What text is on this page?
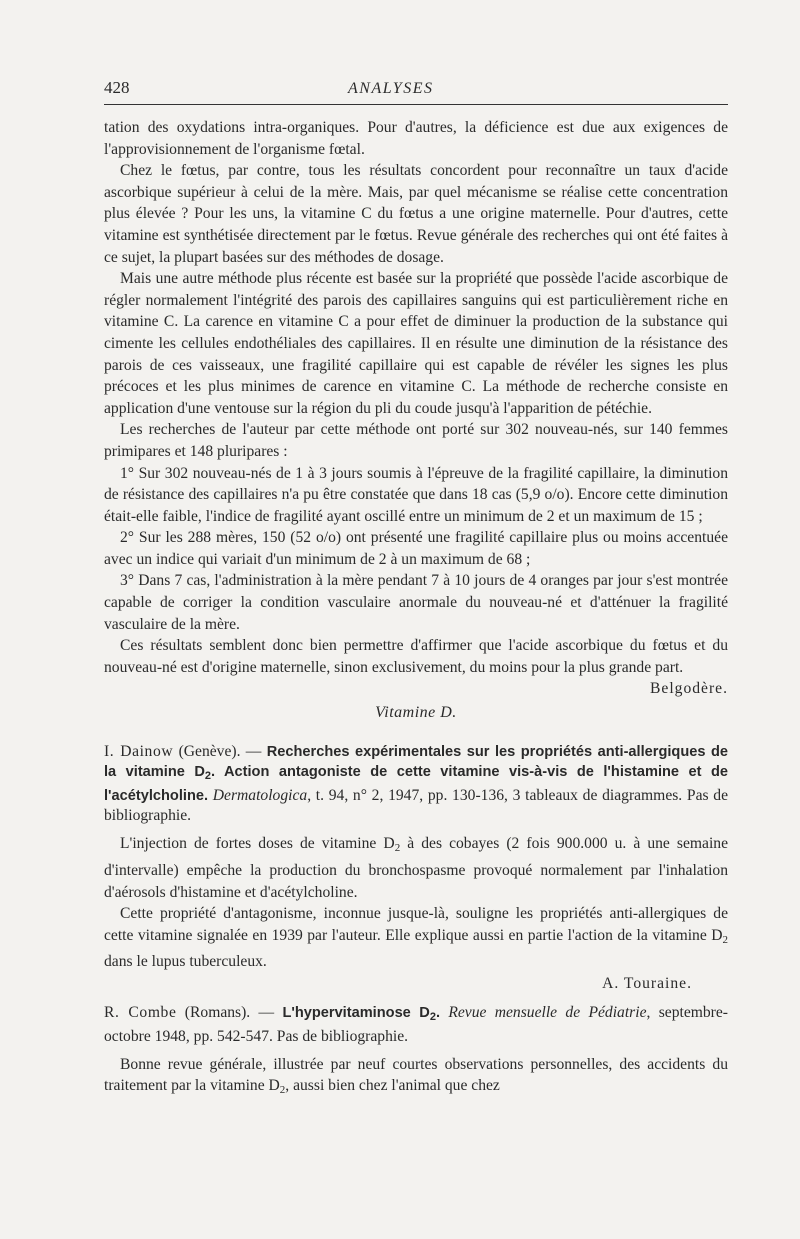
428	ANALYSES

tation des oxydations intra-organiques. Pour d'autres, la déficience est due aux exigences de l'approvisionnement de l'organisme fœtal.

Chez le fœtus, par contre, tous les résultats concordent pour reconnaître un taux d'acide ascorbique supérieur à celui de la mère. Mais, par quel mécanisme se réalise cette concentration plus élevée ? Pour les uns, la vitamine C du fœtus a une origine maternelle. Pour d'autres, cette vitamine est synthétisée directement par le fœtus. Revue générale des recherches qui ont été faites à ce sujet, la plupart basées sur des méthodes de dosage.

Mais une autre méthode plus récente est basée sur la propriété que possède l'acide ascorbique de régler normalement l'intégrité des parois des capillaires sanguins qui est particulièrement riche en vitamine C. La carence en vitamine C a pour effet de diminuer la production de la substance qui cimente les cellules endothéliales des capillaires. Il en résulte une diminution de la résistance des parois de ces vaisseaux, une fragilité capillaire qui est capable de révéler les signes les plus précoces et les plus minimes de carence en vitamine C. La méthode de recherche consiste en application d'une ventouse sur la région du pli du coude jusqu'à l'apparition de pétéchie.

Les recherches de l'auteur par cette méthode ont porté sur 302 nouveau-nés, sur 140 femmes primipares et 148 pluripares :

1° Sur 302 nouveau-nés de 1 à 3 jours soumis à l'épreuve de la fragilité capillaire, la diminution de résistance des capillaires n'a pu être constatée que dans 18 cas (5,9 o/o). Encore cette diminution était-elle faible, l'indice de fragilité ayant oscillé entre un minimum de 2 et un maximum de 15 ;

2° Sur les 288 mères, 150 (52 o/o) ont présenté une fragilité capillaire plus ou moins accentuée avec un indice qui variait d'un minimum de 2 à un maximum de 68 ;

3° Dans 7 cas, l'administration à la mère pendant 7 à 10 jours de 4 oranges par jour s'est montrée capable de corriger la condition vasculaire anormale du nouveau-né et d'atténuer la fragilité vasculaire de la mère.

Ces résultats semblent donc bien permettre d'affirmer que l'acide ascorbique du fœtus et du nouveau-né est d'origine maternelle, sinon exclusivement, du moins pour la plus grande part.
Belgodère.

Vitamine D.

I. Dainow (Genève). — Recherches expérimentales sur les propriétés anti-allergiques de la vitamine $D_2$. Action antagoniste de cette vitamine vis-à-vis de l'histamine et de l'acétylcholine. Dermatologica, t. 94, n° 2, 1947, pp. 130-136, 3 tableaux de diagrammes. Pas de bibliographie.

L'injection de fortes doses de vitamine $D_2$ à des cobayes (2 fois 900.000 u. à une semaine d'intervalle) empêche la production du bronchospasme provoqué normalement par l'inhalation d'aérosols d'histamine et d'acétylcholine.

Cette propriété d'antagonisme, inconnue jusque-là, souligne les propriétés anti-allergiques de cette vitamine signalée en 1939 par l'auteur. Elle explique aussi en partie l'action de la vitamine $D_2$ dans le lupus tuberculeux.

A. Touraine.

R. Combe (Romans). — L'hypervitaminose $D_2$. Revue mensuelle de Pédiatrie, septembre-octobre 1948, pp. 542-547. Pas de bibliographie.

Bonne revue générale, illustrée par neuf courtes observations personnelles, des accidents du traitement par la vitamine $D_2$, aussi bien chez l'animal que chez
